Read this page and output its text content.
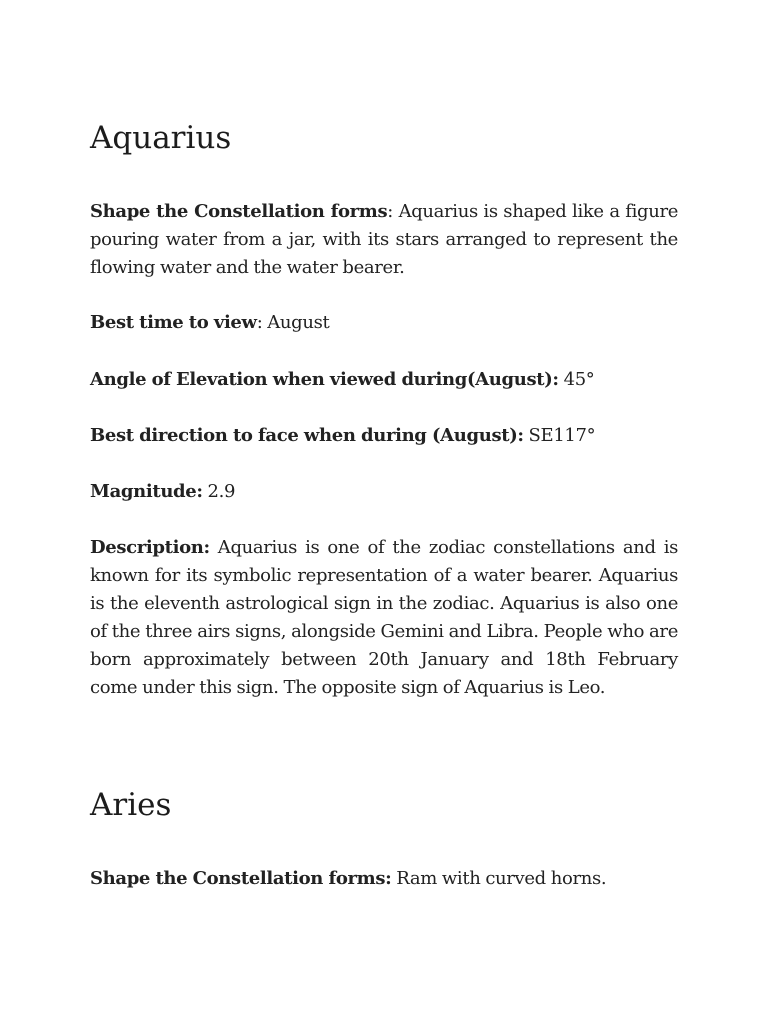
Aquarius

Shape the Constellation forms: Aquarius is shaped like a figure pouring water from a jar, with its stars arranged to represent the flowing water and the water bearer.

Best time to view: August

Angle of Elevation when viewed during(August): 45°

Best direction to face when during (August): SE117°

Magnitude: 2.9

Description: Aquarius is one of the zodiac constellations and is known for its symbolic representation of a water bearer. Aquarius is the eleventh astrological sign in the zodiac. Aquarius is also one of the three airs signs, alongside Gemini and Libra. People who are born approximately between 20th January and 18th February come under this sign. The opposite sign of Aquarius is Leo.

Aries

Shape the Constellation forms: Ram with curved horns.
